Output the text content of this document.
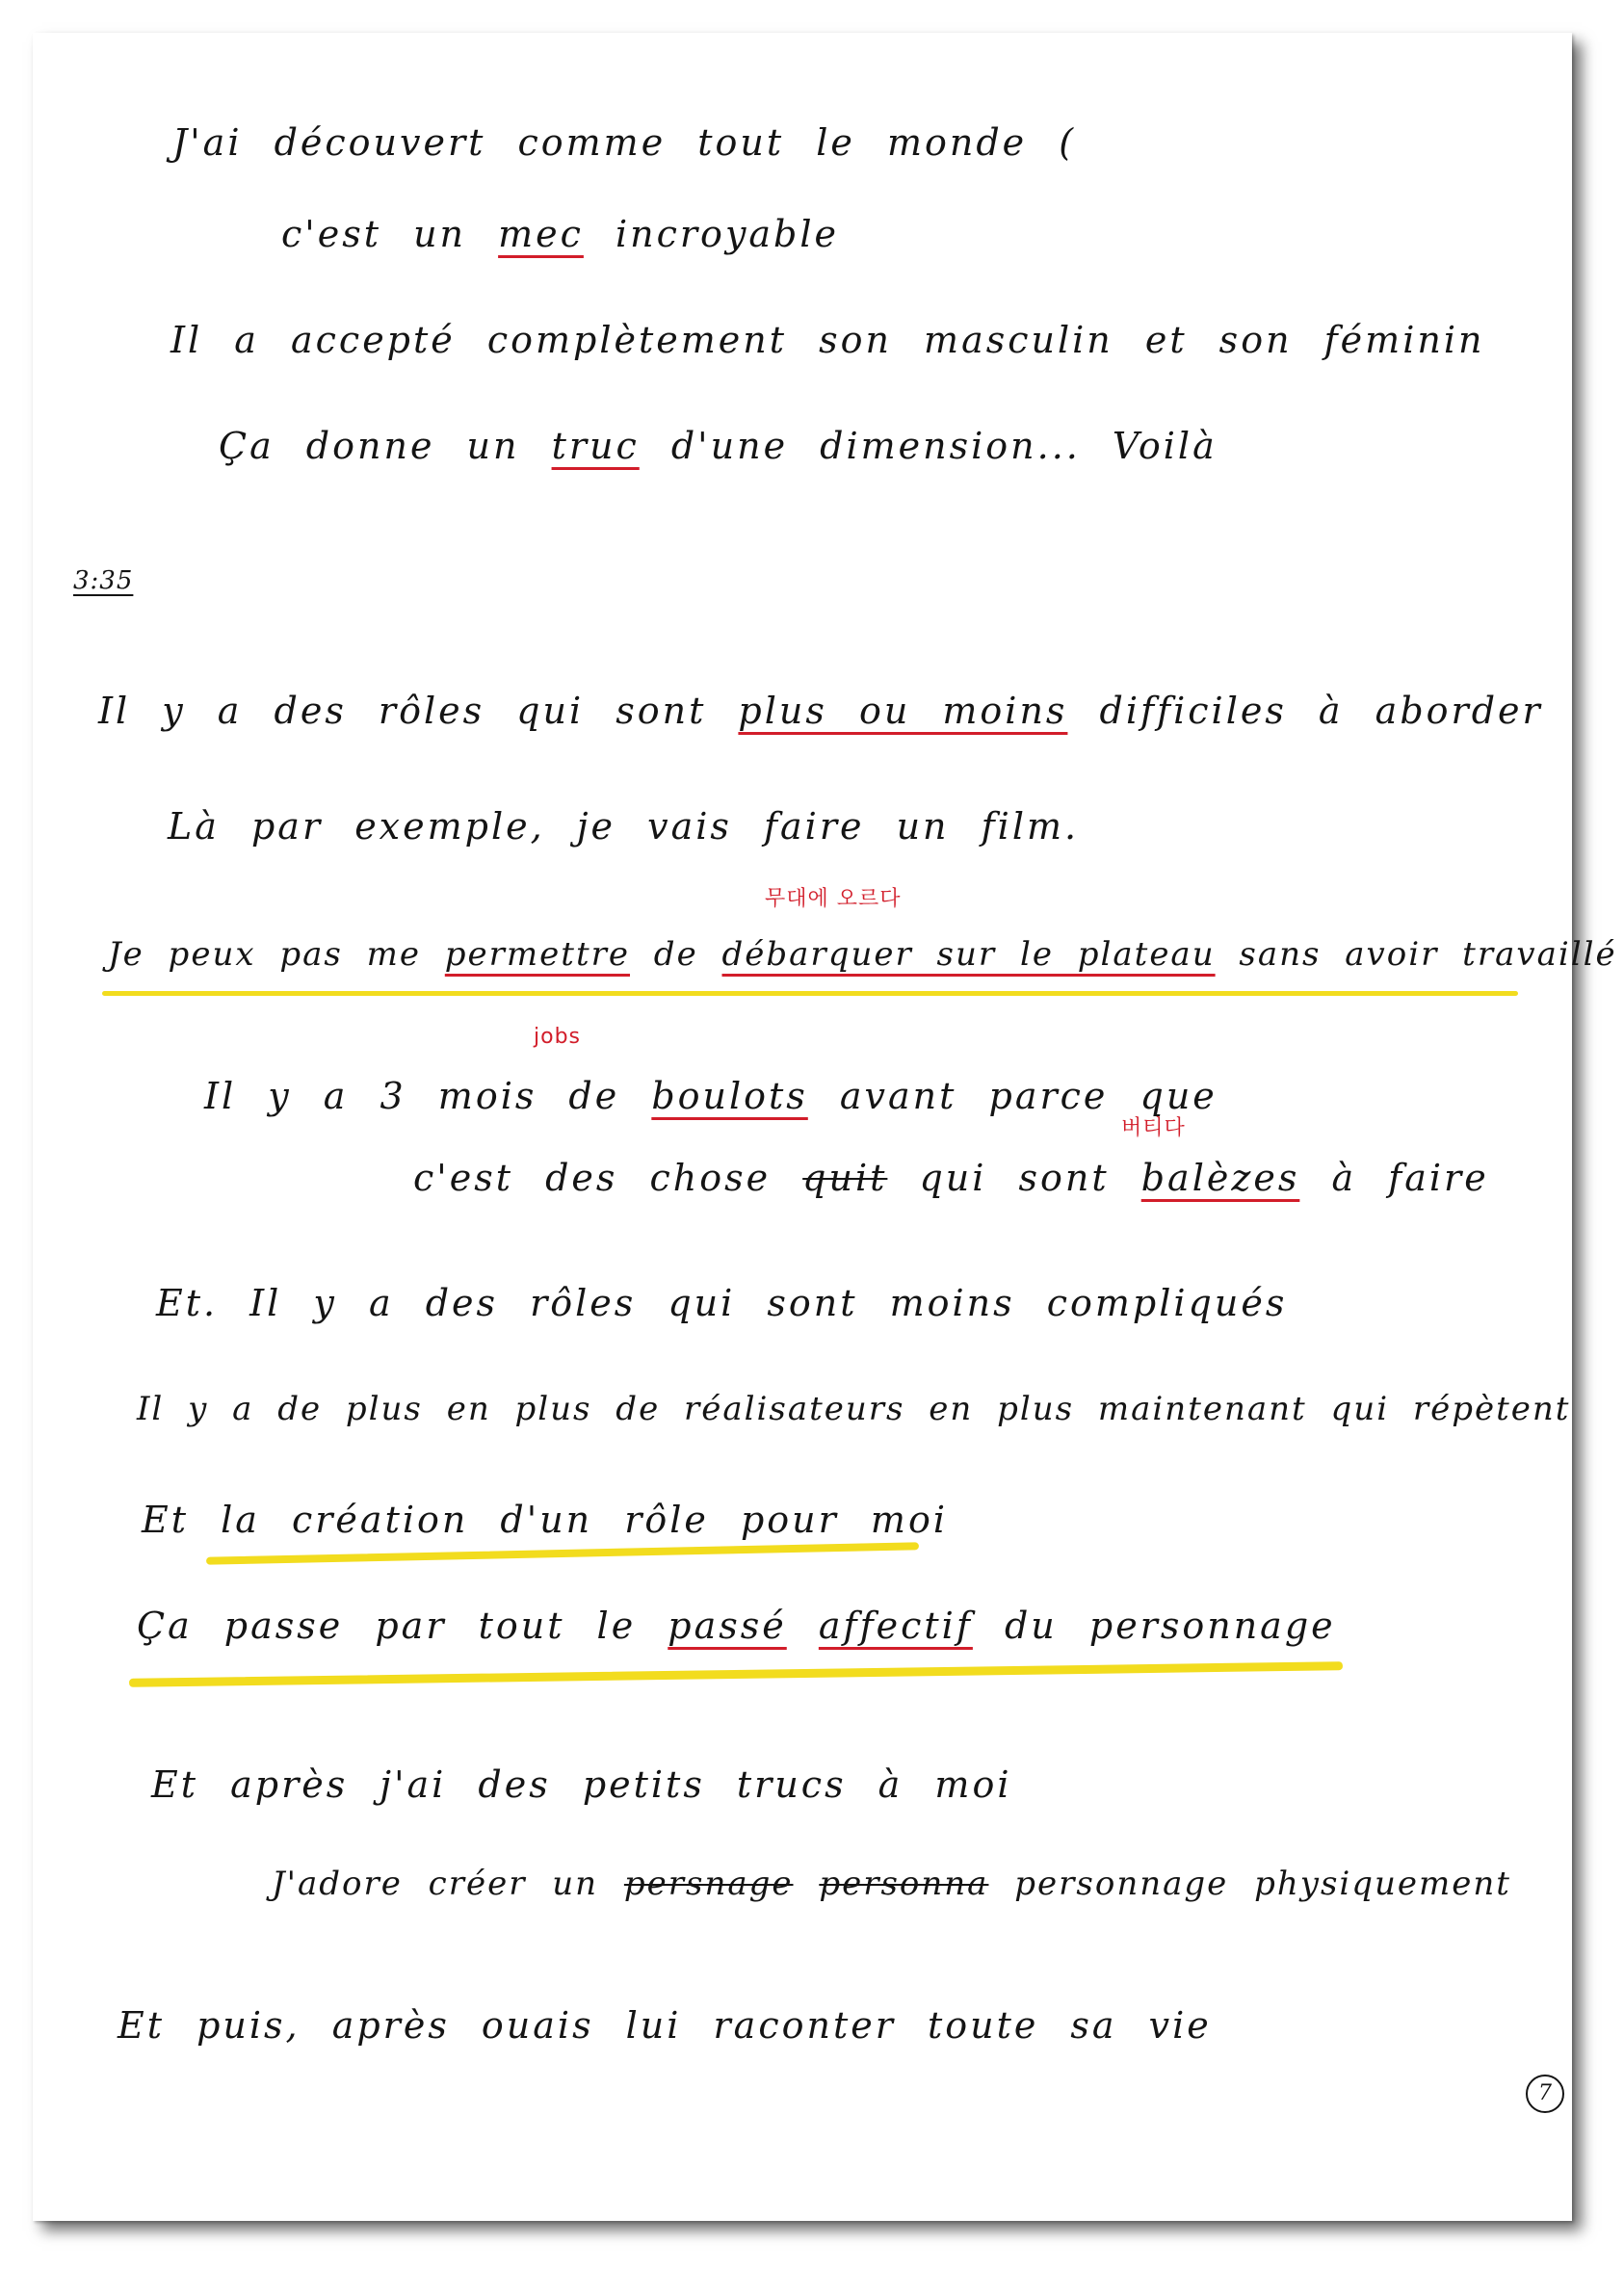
J'ai découvert comme tout le monde (
c'est un mec incroyable
Il a accepté complètement son masculin et son féminin
Ça donne un truc d'une dimension... Voilà
3:35
Il y a des rôles qui sont plus ou moins difficiles à aborder
Là par exemple, je vais faire un film.
무대에 오르다
Je peux pas me permettre de débarquer sur le plateau sans avoir travaillé
jobs
Il y a 3 mois de boulots avant parce que
버티다
c'est des chose quit qui sont balèzes à faire
Et. Il y a des rôles qui sont moins compliqués
Il y a de plus en plus de réalisateurs en plus maintenant qui répètent
Et la création d'un rôle pour moi
Ça passe par tout le passé affectif du personnage
Et après j'ai des petits trucs à moi
J'adore créer un persnage personna personnage physiquement
Et puis, après ouais lui raconter toute sa vie
7
